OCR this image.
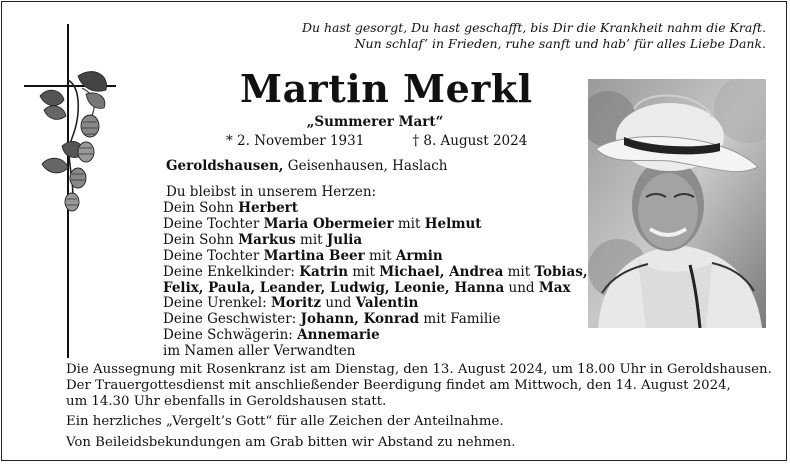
Du hast gesorgt, Du hast geschafft, bis Dir die Krankheit nahm die Kraft.
Nun schlaf’ in Frieden, ruhe sanft und hab’ für alles Liebe Dank.
Martin Merkl
„Summerer Mart“
* 2. November 1931	† 8. August 2024
Geroldshausen, Geisenhausen, Haslach
Du bleibst in unserem Herzen:
Dein Sohn Herbert
Deine Tochter Maria Obermeier mit Helmut
Dein Sohn Markus mit Julia
Deine Tochter Martina Beer mit Armin
Deine Enkelkinder: Katrin mit Michael, Andrea mit Tobias,
Felix, Paula, Leander, Ludwig, Leonie, Hanna und Max
Deine Urenkel: Moritz und Valentin
Deine Geschwister: Johann, Konrad mit Familie
Deine Schwägerin: Annemarie
im Namen aller Verwandten
Die Aussegnung mit Rosenkranz ist am Dienstag, den 13. August 2024, um 18.00 Uhr in Geroldshausen.
Der Trauergottesdienst mit anschließender Beerdigung findet am Mittwoch, den 14. August 2024,
um 14.30 Uhr ebenfalls in Geroldshausen statt.
Ein herzliches „Vergelt’s Gott“ für alle Zeichen der Anteilnahme.
Von Beileidsbekundungen am Grab bitten wir Abstand zu nehmen.
